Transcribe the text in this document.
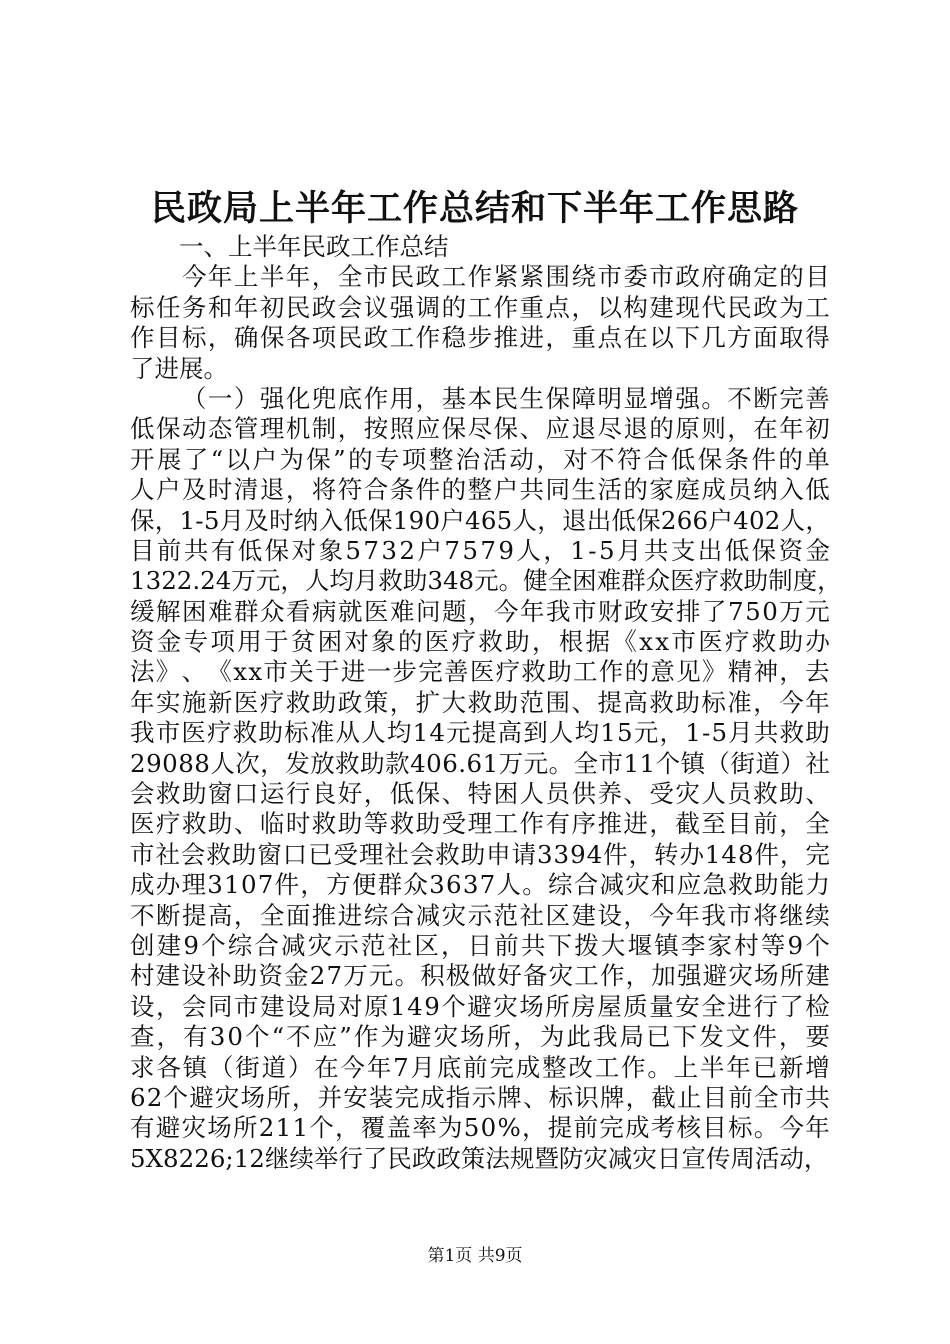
民政局上半年工作总结和下半年工作思路
　　一、上半年民政工作总结

今 年 上 半 年 ， 全 市 民 政 工 作 紧 紧 围 绕 市 委 市 政 府 确 定 的 目
标 任 务 和 年 初 民 政 会 议 强 调 的 工 作 重 点 ， 以 构 建 现 代 民 政 为 工
作 目 标 ， 确 保 各 项 民 政 工 作 稳 步 推 进 ， 重 点 在 以 下 几 方 面 取 得
了进展。

（ 一 ） 强 化 兜 底 作 用 ， 基 本 民 生 保 障 明 显 增 强 。 不 断 完 善
低 保 动 态 管 理 机 制 ， 按 照 应 保 尽 保 、 应 退 尽 退 的 原 则 ， 在 年 初
开 展 了 “ 以 户 为 保 ” 的 专 项 整 治 活 动 ， 对 不 符 合 低 保 条 件 的 单
人 户 及 时 清 退 ， 将 符 合 条 件 的 整 户 共 同 生 活 的 家 庭 成 员 纳 入 低
保 ， 1 - 5 月 及 时 纳 入 低 保 1 9 0 户 4 6 5 人 ， 退 出 低 保 2 6 6 户 4 0 2 人 ，
目 前 共 有 低 保 对 象 5 7 3 2 户 7 5 7 9 人 ， 1 - 5 月 共 支 出 低 保 资 金
1 3 2 2 . 2 4 万 元 ， 人 均 月 救 助 3 4 8 元 。 健 全 困 难 群 众 医 疗 救 助 制 度 ，
缓 解 困 难 群 众 看 病 就 医 难 问 题 ， 今 年 我 市 财 政 安 排 了 7 5 0 万 元
资 金 专 项 用 于 贫 困 对 象 的 医 疗 救 助 ， 根 据 《 x x 市 医 疗 救 助 办
法 》 、 《 x x 市 关 于 进 一 步 完 善 医 疗 救 助 工 作 的 意 见 》 精 神 ， 去
年 实 施 新 医 疗 救 助 政 策 ， 扩 大 救 助 范 围 、 提 高 救 助 标 准 ， 今 年
我 市 医 疗 救 助 标 准 从 人 均 1 4 元 提 高 到 人 均 1 5 元 ， 1 - 5 月 共 救 助
2 9 0 8 8 人 次 ， 发 放 救 助 款 4 0 6 . 6 1 万 元 。 全 市 1 1 个 镇 （ 街 道 ） 社
会 救 助 窗 口 运 行 良 好 ， 低 保 、 特 困 人 员 供 养 、 受 灾 人 员 救 助 、
医 疗 救 助 、 临 时 救 助 等 救 助 受 理 工 作 有 序 推 进 ， 截 至 目 前 ， 全
市 社 会 救 助 窗 口 已 受 理 社 会 救 助 申 请 3 3 9 4 件 ， 转 办 1 4 8 件 ， 完
成 办 理 3 1 0 7 件 ， 方 便 群 众 3 6 3 7 人 。 综 合 减 灾 和 应 急 救 助 能 力
不 断 提 高 ， 全 面 推 进 综 合 减 灾 示 范 社 区 建 设 ， 今 年 我 市 将 继 续
创 建 9 个 综 合 减 灾 示 范 社 区 ， 日 前 共 下 拨 大 堰 镇 李 家 村 等 9 个
村 建 设 补 助 资 金 2 7 万 元 。 积 极 做 好 备 灾 工 作 ， 加 强 避 灾 场 所 建
设 ， 会 同 市 建 设 局 对 原 1 4 9 个 避 灾 场 所 房 屋 质 量 安 全 进 行 了 检
查 ， 有 3 0 个 “ 不 应 ” 作 为 避 灾 场 所 ， 为 此 我 局 已 下 发 文 件 ， 要
求 各 镇 （ 街 道 ） 在 今 年 7 月 底 前 完 成 整 改 工 作 。 上 半 年 已 新 增
6 2 个 避 灾 场 所 ， 并 安 装 完 成 指 示 牌 、 标 识 牌 ， 截 止 目 前 全 市 共
有 避 灾 场 所 2 1 1 个 ， 覆 盖 率 为 5 0 % ， 提 前 完 成 考 核 目 标 。 今 年
5 X 8 2 2 6 ; 1 2 继 续 举 行 了 民 政 政 策 法 规 暨 防 灾 减 灾 日 宣 传 周 活 动 ，
第1页 共9页
